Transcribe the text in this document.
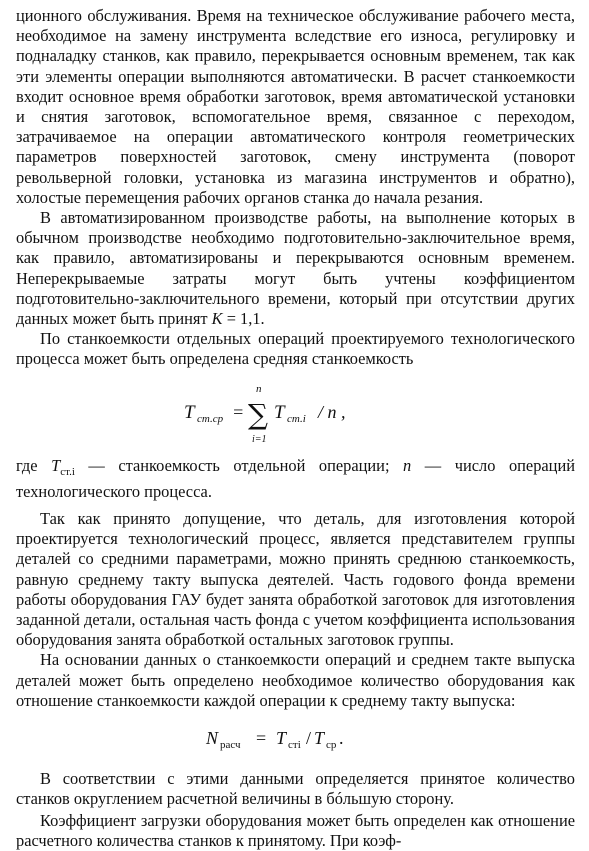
ционного обслуживания. Время на техническое обслуживание рабочего места, необходимое на замену инструмента вследствие его износа, регулировку и подналадку станков, как правило, перекрывается основным временем, так как эти элементы операции выполняются автоматически. В расчет станкоемкости входит основное время обработки заготовок, время автоматической установки и снятия заготовок, вспомогательное время, связанное с переходом, затрачиваемое на операции автоматического контроля геометрических параметров поверхностей заготовок, смену инструмента (поворот револьверной головки, установка из магазина инструментов и обратно), холостые перемещения рабочих органов станка до начала резания.

В автоматизированном производстве работы, на выполнение которых в обычном производстве необходимо подготовительно-заключительное время, как правило, автоматизированы и перекрываются основным временем. Неперекрываемые затраты могут быть учтены коэффициентом подготовительно-заключительного времени, который при отсутствии других данных может быть принят K = 1,1.

По станкоемкости отдельных операций проектируемого технологического процесса может быть определена средняя станкоемкость

T ст.ср =
n
∑
i=1
T ст.i / n ,

где $T_{ст.i}$ — станкоемкость отдельной операции; n — число операций технологического процесса.

Так как принято допущение, что деталь, для изготовления которой проектируется технологический процесс, является представителем группы деталей со средними параметрами, можно принять среднюю станкоемкость, равную среднему такту выпуска деятелей. Часть годового фонда времени работы оборудования ГАУ будет занята обработкой заготовок для изготовления заданной детали, остальная часть фонда с учетом коэффициента использования оборудования занята обработкой остальных заготовок группы.

На основании данных о станкоемкости операций и среднем такте выпуска деталей может быть определено необходимое количество оборудования как отношение станкоемкости каждой операции к среднему такту выпуска:

N расч = T стi / T ср .

В соответствии с этими данными определяется принятое количество станков округлением расчетной величины в бóльшую сторону.

Коэффициент загрузки оборудования может быть определен как отношение расчетного количества станков к принятому. При коэф-
